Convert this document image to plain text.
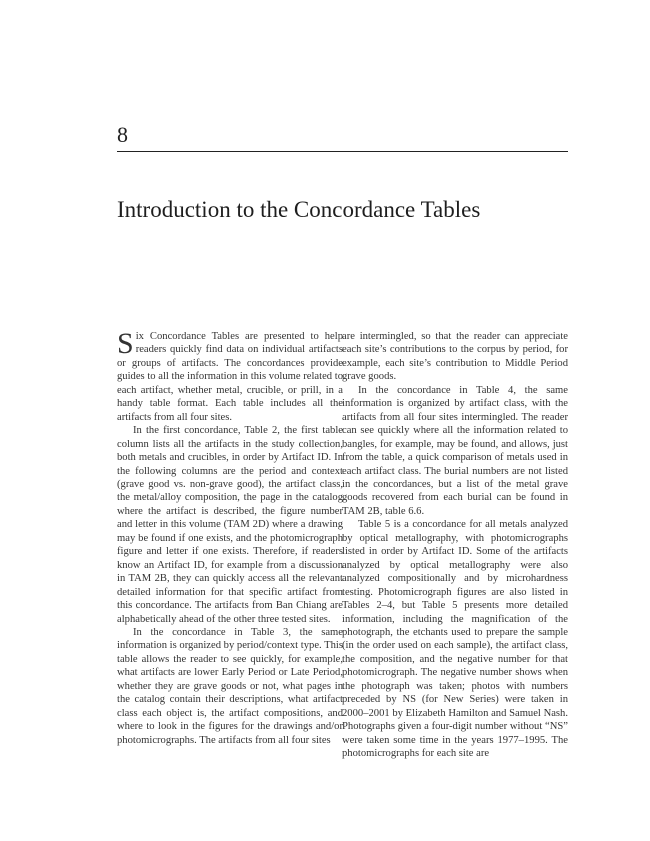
8
Introduction to the Concordance Tables

Six Concordance Tables are presented to help readers quickly find data on individual artifacts or groups of artifacts. The concordances provide guides to all the information in this volume related to each artifact, whether metal, crucible, or prill, in a handy table format. Each table includes all the artifacts from all four sites.

In the first concordance, Table 2, the first table column lists all the artifacts in the study collection, both metals and crucibles, in order by Artifact ID. In the following columns are the period and context (grave good vs. non-grave good), the artifact class, the metal/alloy composition, the page in the catalog where the artifact is described, the figure number and letter in this volume (TAM 2D) where a drawing may be found if one exists, and the photomicrograph figure and letter if one exists. Therefore, if readers know an Artifact ID, for example from a discussion in TAM 2B, they can quickly access all the relevant detailed information for that specific artifact from this concordance. The artifacts from Ban Chiang are alphabetically ahead of the other three tested sites.

In the concordance in Table 3, the same information is organized by period/context type. This table allows the reader to see quickly, for example, what artifacts are lower Early Period or Late Period, whether they are grave goods or not, what pages in the catalog contain their descriptions, what artifact class each object is, the artifact compositions, and where to look in the figures for the drawings and/or photomicrographs. The artifacts from all four sites

are intermingled, so that the reader can appreciate each site’s contributions to the corpus by period, for example, each site’s contribution to Middle Period grave goods.

In the concordance in Table 4, the same information is organized by artifact class, with the artifacts from all four sites intermingled. The reader can see quickly where all the information related to bangles, for example, may be found, and allows, just from the table, a quick comparison of metals used in each artifact class. The burial numbers are not listed in the concordances, but a list of the metal grave goods recovered from each burial can be found in TAM 2B, table 6.6.

Table 5 is a concordance for all metals analyzed by optical metallography, with photomicrographs listed in order by Artifact ID. Some of the artifacts analyzed by optical metallography were also analyzed compositionally and by microhardness testing. Photomicrograph figures are also listed in Tables 2–4, but Table 5 presents more detailed information, including the magnification of the photograph, the etchants used to prepare the sample (in the order used on each sample), the artifact class, the composition, and the negative number for that photomicrograph. The negative number shows when the photograph was taken; photos with numbers preceded by NS (for New Series) were taken in 2000–2001 by Elizabeth Hamilton and Samuel Nash. Photographs given a four-digit number without “NS” were taken some time in the years 1977–1995. The photomicrographs for each site are
